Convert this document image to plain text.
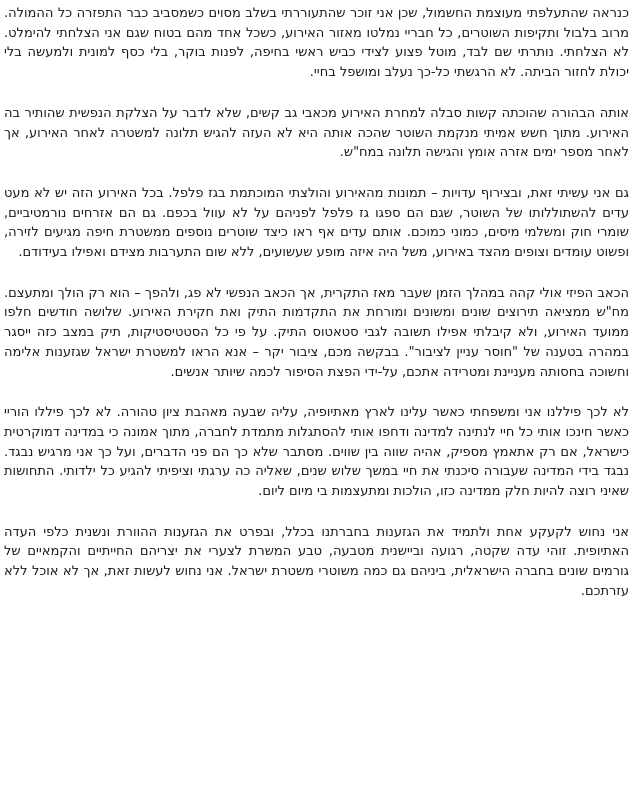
כנראה שהתעלפתי מעוצמת החשמול, שכן אני זוכר שהתעוררתי בשלב מסוים כשמסביב כבר התפזרה כל ההמולה. מרוב בלבול ותקיפות השוטרים, כל חבריי נמלטו מאזור האירוע, כשכל אחד מהם בטוח שגם אני הצלחתי להימלט. לא הצלחתי. נותרתי שם לבד, מוטל פצוע לצידי כביש ראשי בחיפה, לפנות בוקר, בלי כסף למונית ולמעשה בלי יכולת לחזור הביתה. לא הרגשתי כל-כך נעלב ומושפל בחיי.

אותה הבהורה שהוכתה קשות סבלה למחרת האירוע מכאבי גב קשים, שלא לדבר על הצלקת הנפשית שהותיר בה האירוע. מתוך חשש אמיתי מנקמת השוטר שהכה אותה היא לא העזה להגיש תלונה למשטרה לאחר האירוע, אך לאחר מספר ימים אזרה אומץ והגישה תלונה במח"ש.

גם אני עשיתי זאת, ובצירוף עדויות – תמונות מהאירוע והולצתי המוכתמת בגז פלפל. בכל האירוע הזה יש לא מעט עדים להשתוללותו של השוטר, שגם הם ספגו גז פלפל לפניהם על לא עוול בכפם. גם הם אזרחים נורמטיביים, שומרי חוק ומשלמי מיסים, כמוני כמוכם. אותם עדים אף ראו כיצד שוטרים נוספים ממשטרת חיפה מגיעים לזירה, ופשוט עומדים וצופים מהצד באירוע, משל היה איזה מופע שעשועים, ללא שום התערבות מצידם ואפילו בעידודם.

הכאב הפיזי אולי קהה במהלך הזמן שעבר מאז התקרית, אך הכאב הנפשי לא פג, ולהפך – הוא רק הולך ומתעצם. מח"ש ממציאה תירוצים שונים ומשונים ומורחת את התקדמות התיק ואת חקירת האירוע. שלושה חודשים חלפו ממועד האירוע, ולא קיבלתי אפילו תשובה לגבי סטאטוס התיק. על פי כל הסטטיסטיקות, תיק במצב כזה ייסגר במהרה בטענה של "חוסר עניין לציבור". בבקשה מכם, ציבור יקר – אנא הראו למשטרת ישראל שגזענות אלימה וחשוכה בחסותה מעניינת ומטרידה אתכם, על-ידי הפצת הסיפור לכמה שיותר אנשים.

לא לכך פיללנו אני ומשפחתי כאשר עלינו לארץ מאתיופיה, עליה שבעה מאהבת ציון טהורה. לא לכך פיללו הוריי כאשר חינכו אותי כל חיי לנתינה למדינה ודחפו אותי להסתגלות מתמדת לחברה, מתוך אמונה כי במדינה דמוקרטית כישראל, אם רק אתאמץ מספיק, אהיה שווה בין שווים. מסתבר שלא כך הם פני הדברים, ועל כך אני מרגיש נבגד. נבגד בידי המדינה שעבורה סיכנתי את חיי במשך שלוש שנים, שאליה כה ערגתי וציפיתי להגיע כל ילדותי. התחושות שאיני רוצה להיות חלק ממדינה כזו, הולכות ומתעצמות בי מיום ליום.

אני נחוש לקעקע אחת ולתמיד את הגזענות בחברתנו בכלל, ובפרט את הגזענות ההוורת ונשנית כלפי העדה האתיופית. זוהי עדה שקטה, רגועה וביישנית מטבעה, טבע המשרת לצערי את יצריהם החייתיים והקמאיים של גורמים שונים בחברה הישראלית, ביניהם גם כמה משוטרי משטרת ישראל. אני נחוש לעשות זאת, אך לא אוכל ללא עזרתכם.
